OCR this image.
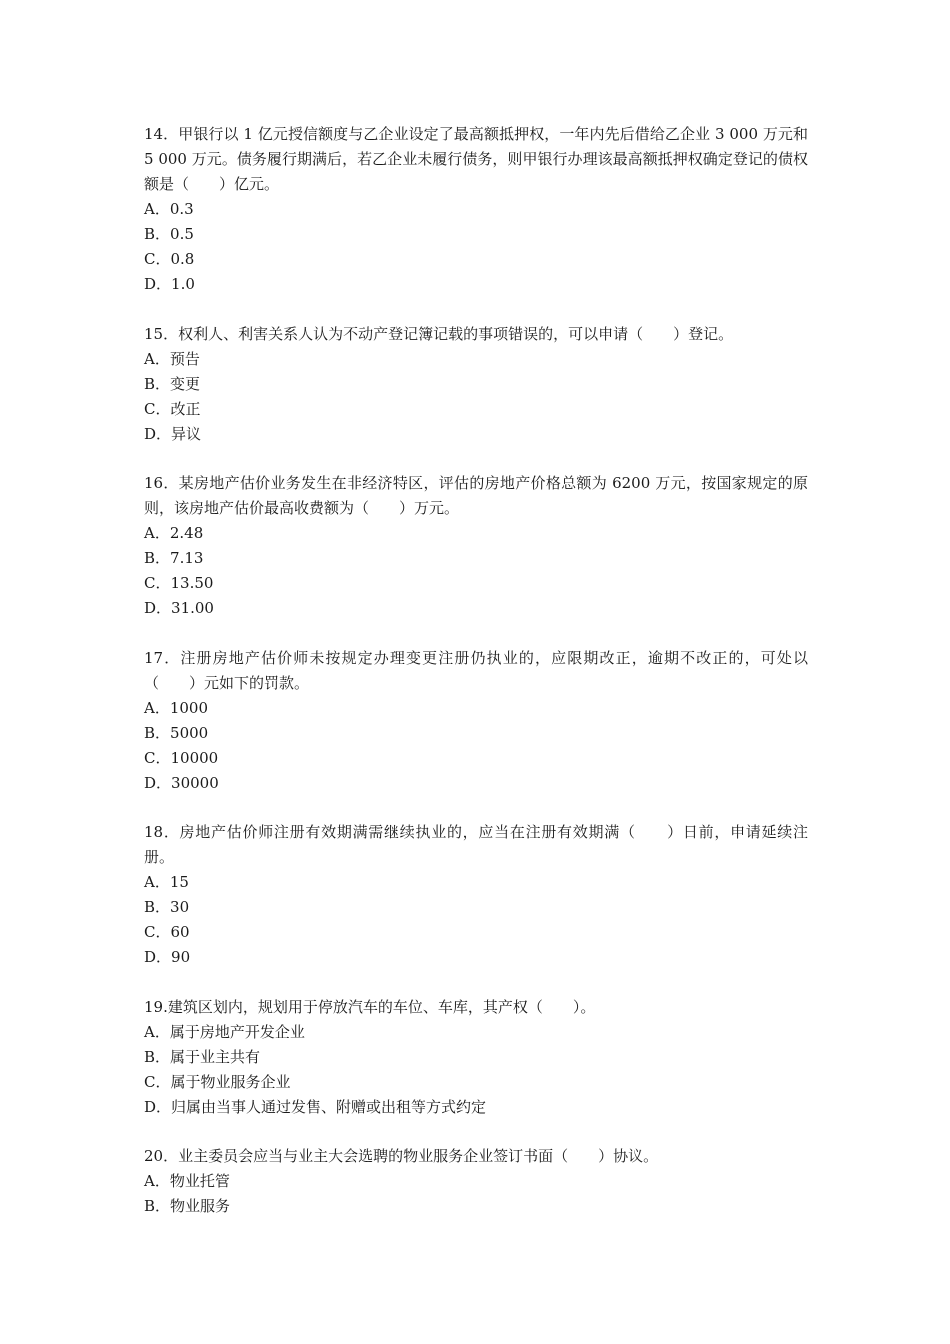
14．甲银行以 1 亿元授信额度与乙企业设定了最高额抵押权，一年内先后借给乙企业 3 000 万元和 5 000 万元。债务履行期满后，若乙企业未履行债务，则甲银行办理该最高额抵押权确定登记的债权额是（　　）亿元。

A．0.3
B．0.5
C．0.8
D．1.0

15．权利人、利害关系人认为不动产登记簿记载的事项错误的，可以申请（　　）登记。

A．预告
B．变更
C．改正
D．异议

16．某房地产估价业务发生在非经济特区，评估的房地产价格总额为 6200 万元，按国家规定的原则，该房地产估价最高收费额为（　　）万元。

A．2.48
B．7.13
C．13.50
D．31.00

17．注册房地产估价师未按规定办理变更注册仍执业的，应限期改正，逾期不改正的，可处以（　　）元如下的罚款。

A．1000
B．5000
C．10000
D．30000

18．房地产估价师注册有效期满需继续执业的，应当在注册有效期满（　　）日前，申请延续注册。

A．15
B．30
C．60
D．90

19.建筑区划内，规划用于停放汽车的车位、车库，其产权（　　）。

A．属于房地产开发企业
B．属于业主共有
C．属于物业服务企业
D．归属由当事人通过发售、附赠或出租等方式约定

20．业主委员会应当与业主大会选聘的物业服务企业签订书面（　　）协议。

A．物业托管
B．物业服务
